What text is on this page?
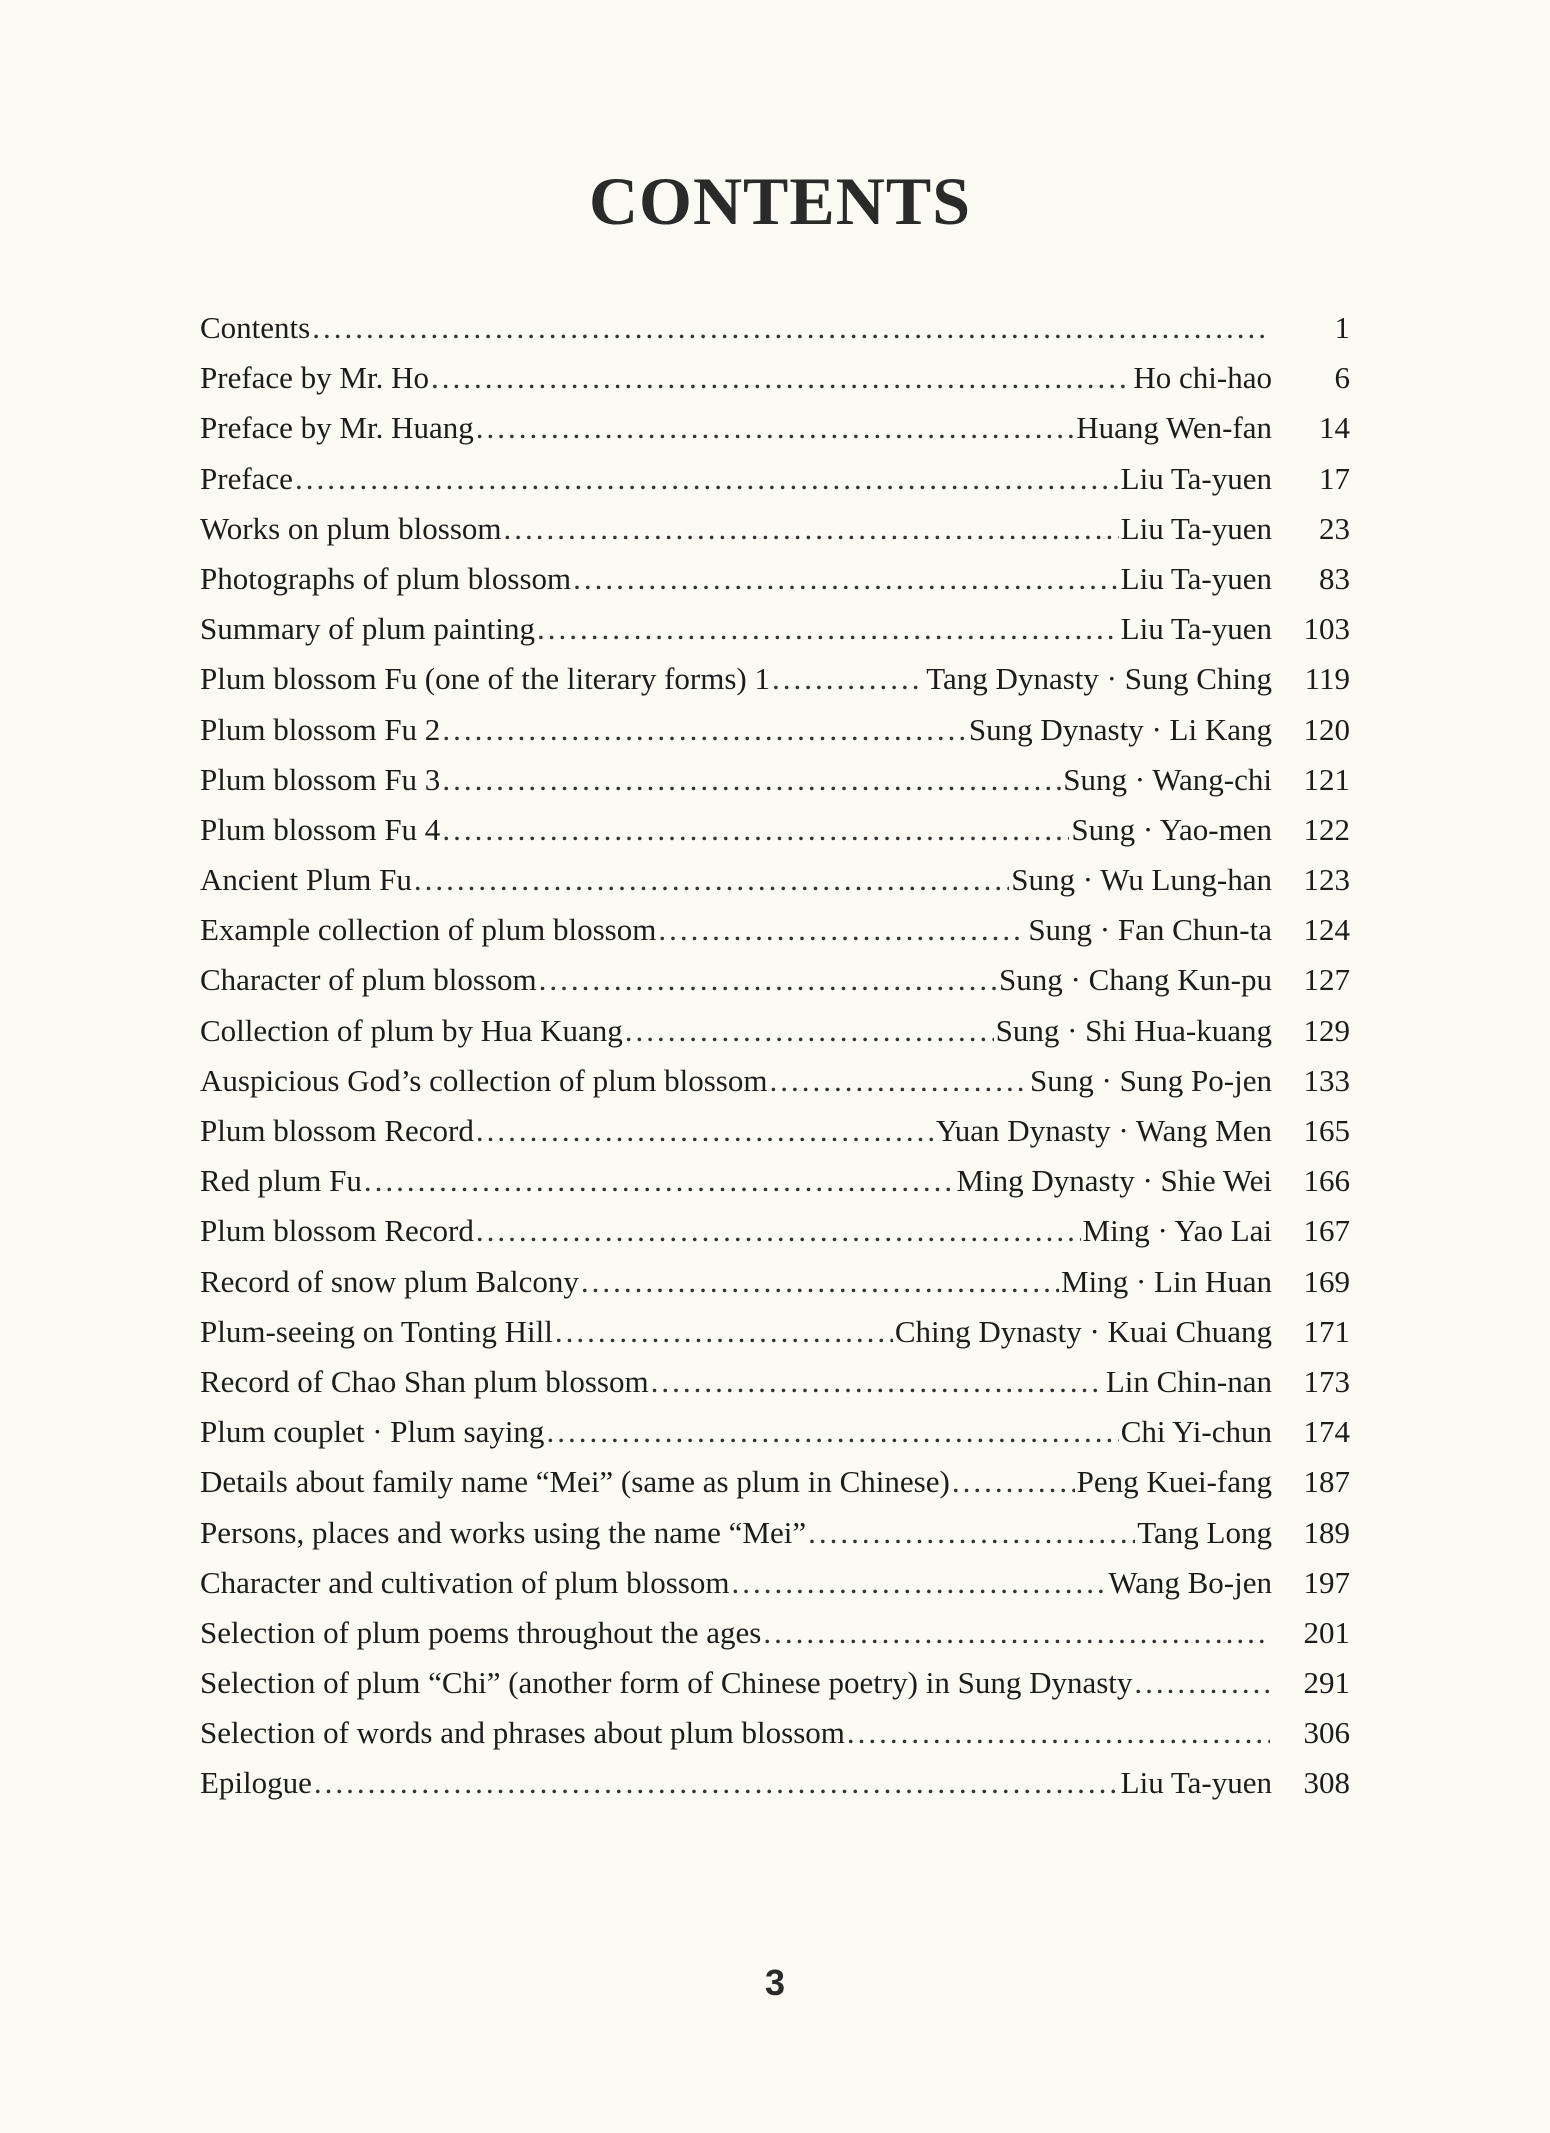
CONTENTS
Contents .....	1
Preface by Mr. Ho .....	Ho chi-hao	6
Preface by Mr. Huang .....	Huang Wen-fan	14
Preface .....	Liu Ta-yuen	17
Works on plum blossom .....	Liu Ta-yuen	23
Photographs of plum blossom .....	Liu Ta-yuen	83
Summary of plum painting .....	Liu Ta-yuen	103
Plum blossom Fu (one of the literary forms) 1 .....	Tang Dynasty · Sung Ching	119
Plum blossom Fu 2 .....	Sung Dynasty · Li Kang	120
Plum blossom Fu 3 .....	Sung · Wang-chi	121
Plum blossom Fu 4 .....	Sung · Yao-men	122
Ancient Plum Fu .....	Sung · Wu Lung-han	123
Example collection of plum blossom .....	Sung · Fan Chun-ta	124
Character of plum blossom .....	Sung · Chang Kun-pu	127
Collection of plum by Hua Kuang .....	Sung · Shi Hua-kuang	129
Auspicious God’s collection of plum blossom .....	Sung · Sung Po-jen	133
Plum blossom Record .....	Yuan Dynasty · Wang Men	165
Red plum Fu .....	Ming Dynasty · Shie Wei	166
Plum blossom Record .....	Ming · Yao Lai	167
Record of snow plum Balcony .....	Ming · Lin Huan	169
Plum-seeing on Tonting Hill .....	Ching Dynasty · Kuai Chuang	171
Record of Chao Shan plum blossom .....	Lin Chin-nan	173
Plum couplet · Plum saying .....	Chi Yi-chun	174
Details about family name “Mei” (same as plum in Chinese) .....	Peng Kuei-fang	187
Persons, places and works using the name “Mei” .....	Tang Long	189
Character and cultivation of plum blossom .....	Wang Bo-jen	197
Selection of plum poems throughout the ages .....	201
Selection of plum “Chi” (another form of Chinese poetry) in Sung Dynasty .....	291
Selection of words and phrases about plum blossom .....	306
Epilogue .....	Liu Ta-yuen	308
3
